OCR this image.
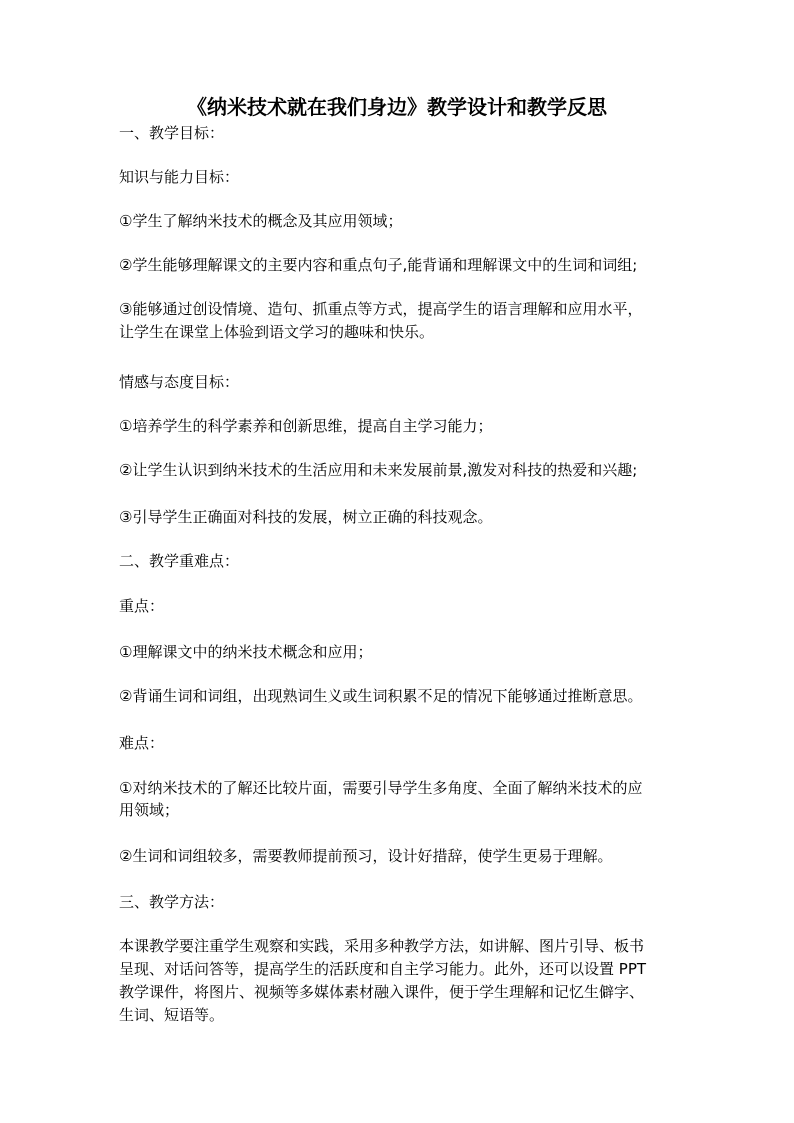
《纳米技术就在我们身边》教学设计和教学反思
一、教学目标：
知识与能力目标：
①学生了解纳米技术的概念及其应用领域；
②学生能够理解课文的主要内容和重点句子,能背诵和理解课文中的生词和词组;
③能够通过创设情境、造句、抓重点等方式，提高学生的语言理解和应用水平，
让学生在课堂上体验到语文学习的趣味和快乐。
情感与态度目标：
①培养学生的科学素养和创新思维，提高自主学习能力；
②让学生认识到纳米技术的生活应用和未来发展前景,激发对科技的热爱和兴趣;
③引导学生正确面对科技的发展，树立正确的科技观念。
二、教学重难点：
重点：
①理解课文中的纳米技术概念和应用；
②背诵生词和词组，出现熟词生义或生词积累不足的情况下能够通过推断意思。
难点：
①对纳米技术的了解还比较片面，需要引导学生多角度、全面了解纳米技术的应
用领域；
②生词和词组较多，需要教师提前预习，设计好措辞，使学生更易于理解。
三、教学方法：
本课教学要注重学生观察和实践，采用多种教学方法，如讲解、图片引导、板书
呈现、对话问答等，提高学生的活跃度和自主学习能力。此外，还可以设置 PPT
教学课件，将图片、视频等多媒体素材融入课件，便于学生理解和记忆生僻字、
生词、短语等。
